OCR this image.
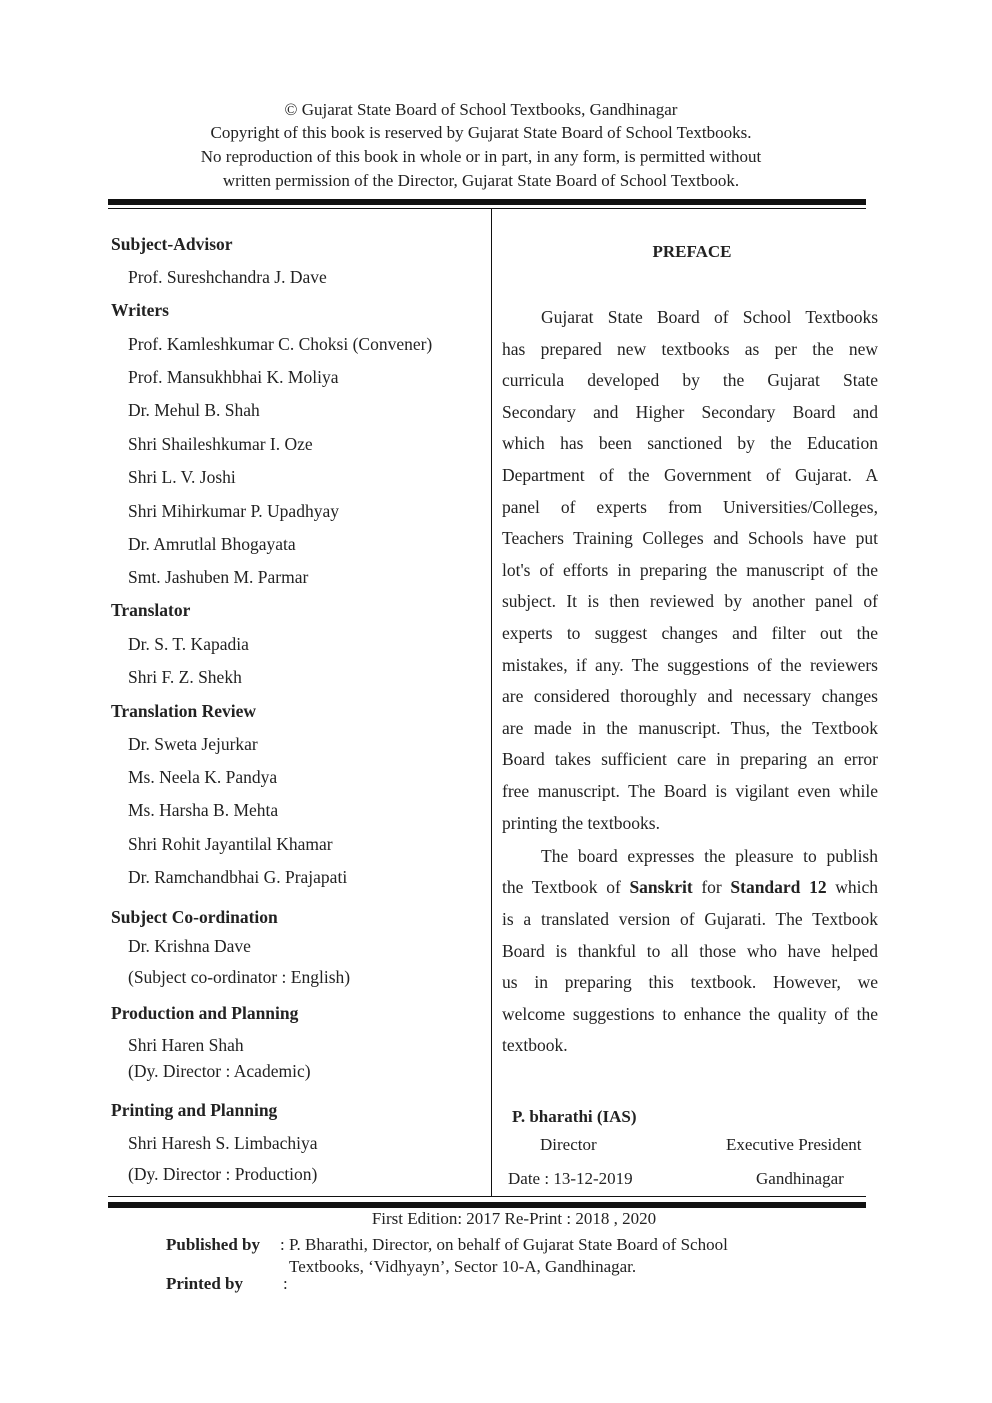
© Gujarat State Board of School Textbooks, Gandhinagar
Copyright of this book is reserved by Gujarat State Board of School Textbooks.
No reproduction of this book in whole or in part, in any form, is permitted without
written permission of the Director, Gujarat State Board of School Textbook.
Subject-Advisor
Prof. Sureshchandra J. Dave
Writers
Prof. Kamleshkumar C. Choksi (Convener)
Prof. Mansukhbhai K. Moliya
Dr. Mehul B. Shah
Shri Shaileshkumar I. Oze
Shri L. V. Joshi
Shri Mihirkumar P. Upadhyay
Dr. Amrutlal Bhogayata
Smt. Jashuben M. Parmar
Translator
Dr. S. T. Kapadia
Shri F. Z. Shekh
Translation Review
Dr. Sweta Jejurkar
Ms. Neela K. Pandya
Ms. Harsha B. Mehta
Shri Rohit Jayantilal Khamar
Dr. Ramchandbhai G. Prajapati
Subject Co-ordination
Dr. Krishna Dave
(Subject co-ordinator : English)
Production and Planning
Shri Haren Shah
(Dy. Director : Academic)
Printing and Planning
Shri Haresh S. Limbachiya
(Dy. Director : Production)
PREFACE
Gujarat State Board of School Textbooks
has prepared new textbooks as per the new
curricula developed by the Gujarat State
Secondary and Higher Secondary Board and
which has been sanctioned by the Education
Department of the Government of Gujarat. A
panel of experts from Universities/Colleges,
Teachers Training Colleges and Schools have put
lot's of efforts in preparing the manuscript of the
subject. It is then reviewed by another panel of
experts to suggest changes and filter out the
mistakes, if any. The suggestions of the reviewers
are considered thoroughly and necessary changes
are made in the manuscript. Thus, the Textbook
Board takes sufficient care in preparing an error
free manuscript. The Board is vigilant even while
printing the textbooks.
The board expresses the pleasure to publish
the Textbook of Sanskrit for Standard 12 which
is a translated version of Gujarati. The Textbook
Board is thankful to all those who have helped
us in preparing this textbook. However, we
welcome suggestions to enhance the quality of the
textbook.
P. bharathi (IAS)
Director	Executive President
Date : 13-12-2019	Gandhinagar
First Edition: 2017 Re-Print : 2018 , 2020
Published by : P. Bharathi, Director, on behalf of Gujarat State Board of School
Textbooks, ‘Vidhyayn’, Sector 10-A, Gandhinagar.
Printed by :
